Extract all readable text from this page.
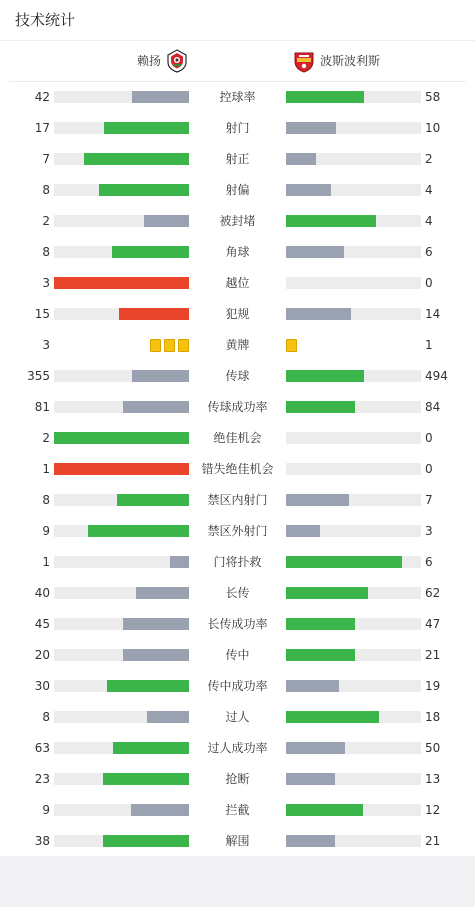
技术统计
赖扬	波斯波利斯
42	控球率	58
17	射门	10
7	射正	2
8	射偏	4
2	被封堵	4
8	角球	6
3	越位	0
15	犯规	14
3	黄牌	1
355	传球	494
81	传球成功率	84
2	绝佳机会	0
1	错失绝佳机会	0
8	禁区内射门	7
9	禁区外射门	3
1	门将扑救	6
40	长传	62
45	长传成功率	47
20	传中	21
30	传中成功率	19
8	过人	18
63	过人成功率	50
23	抢断	13
9	拦截	12
38	解围	21
